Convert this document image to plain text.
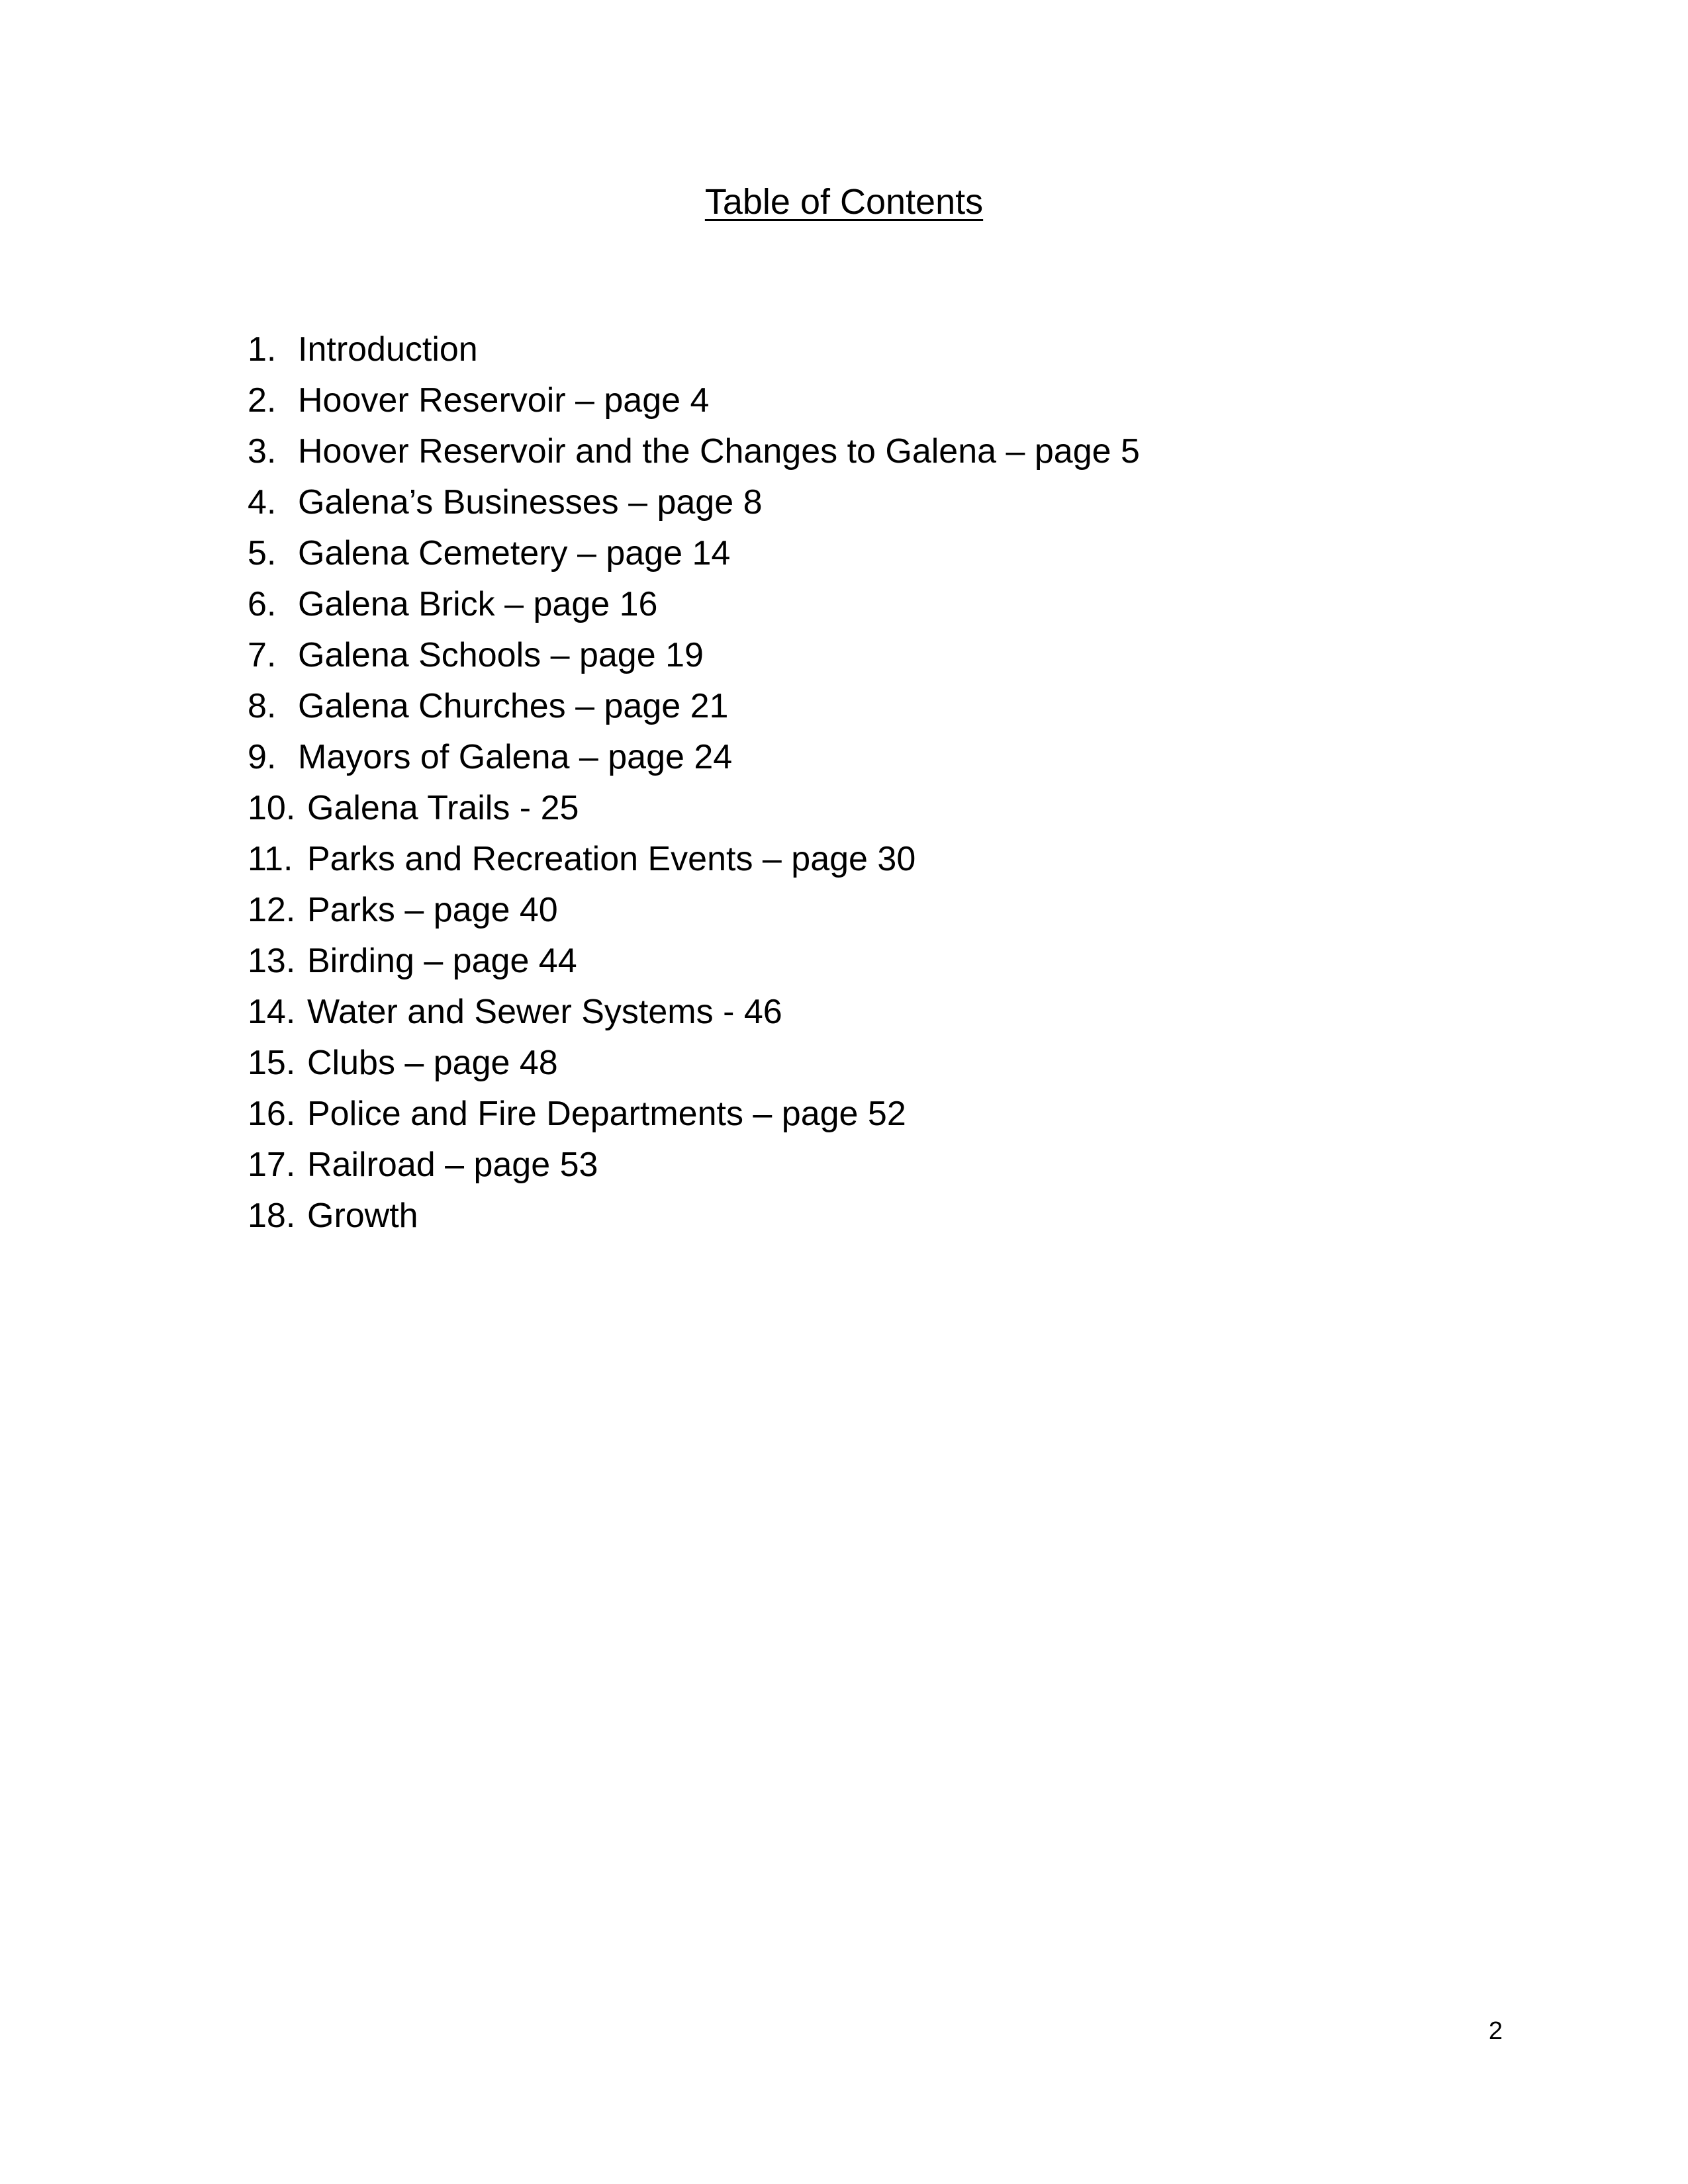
Table of Contents
1. Introduction
2. Hoover Reservoir – page 4
3. Hoover Reservoir and the Changes to Galena – page 5
4. Galena’s Businesses – page 8
5. Galena Cemetery – page 14
6. Galena Brick – page 16
7. Galena Schools – page 19
8. Galena Churches – page 21
9. Mayors of Galena – page 24
10. Galena Trails - 25
11. Parks and Recreation Events – page 30
12. Parks – page 40
13. Birding – page 44
14. Water and Sewer Systems - 46
15. Clubs – page 48
16. Police and Fire Departments – page 52
17. Railroad – page 53
18. Growth
2
